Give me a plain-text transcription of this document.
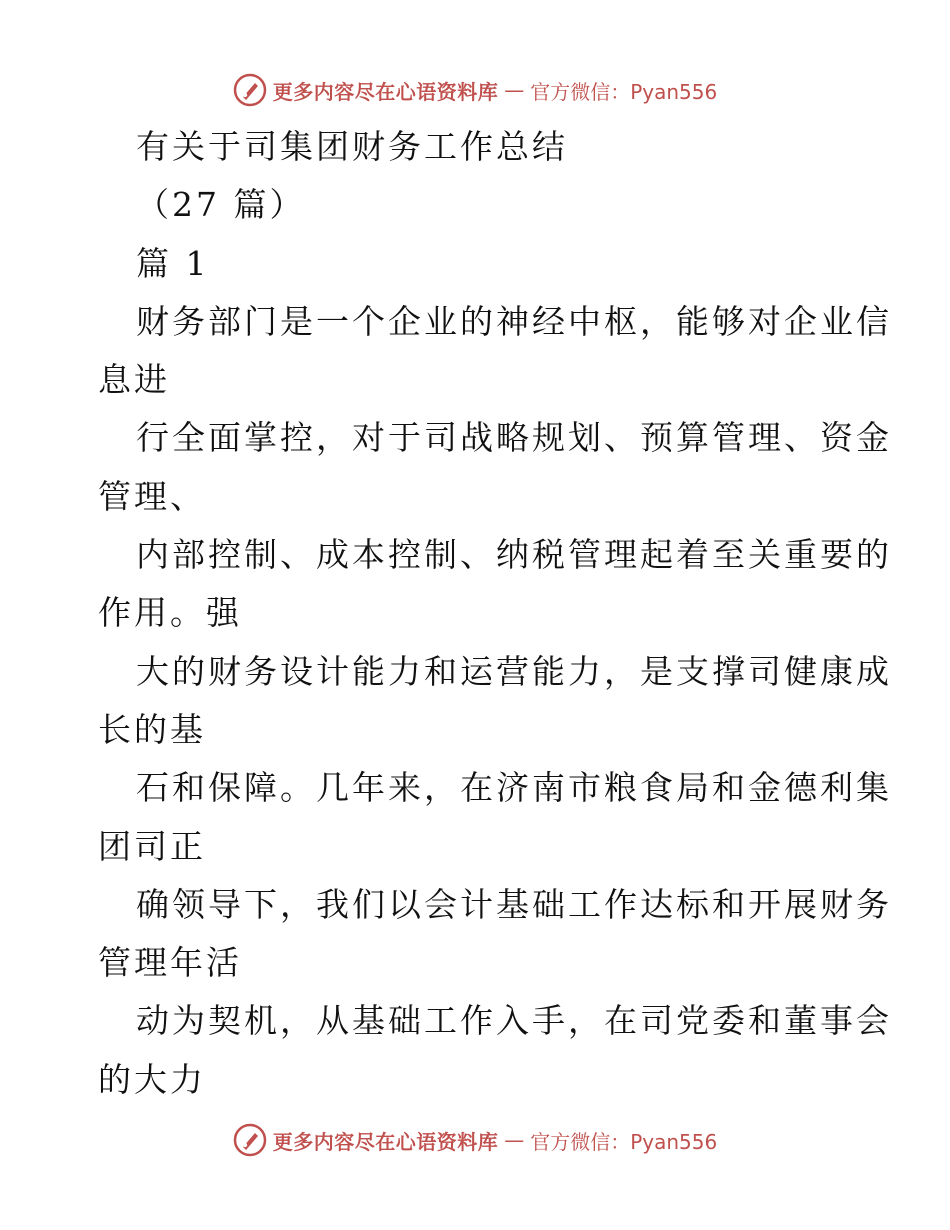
更多内容尽在心语资料库 — 官方微信：Pyan556
有关于司集团财务工作总结
（27 篇）
篇 1
财务部门是一个企业的神经中枢，能够对企业信
息进
行全面掌控，对于司战略规划、预算管理、资金
管理、
内部控制、成本控制、纳税管理起着至关重要的
作用。强
大的财务设计能力和运营能力，是支撑司健康成
长的基
石和保障。几年来，在济南市粮食局和金德利集
团司正
确领导下，我们以会计基础工作达标和开展财务
管理年活
动为契机，从基础工作入手，在司党委和董事会
的大力
更多内容尽在心语资料库 — 官方微信：Pyan556
